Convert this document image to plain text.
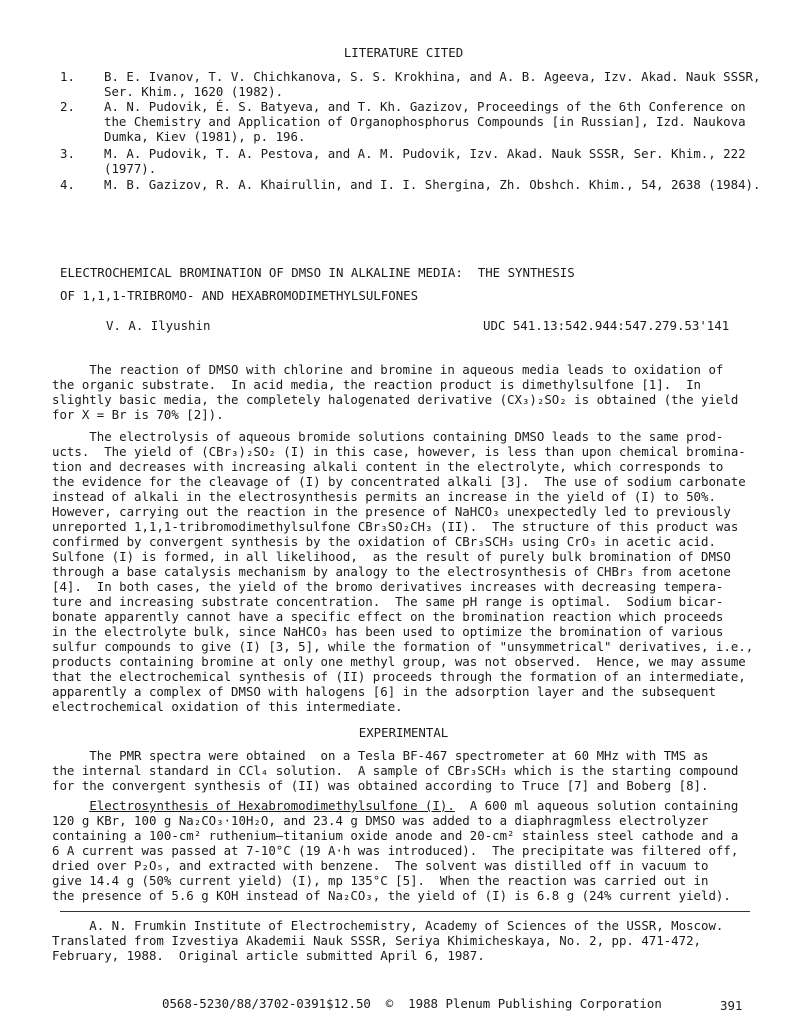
LITERATURE CITED
1. B. E. Ivanov, T. V. Chichkanova, S. S. Krokhina, and A. B. Ageeva, Izv. Akad. Nauk SSSR,
Ser. Khim., 1620 (1982).
2. A. N. Pudovik, É. S. Batyeva, and T. Kh. Gazizov, Proceedings of the 6th Conference on
the Chemistry and Application of Organophosphorus Compounds [in Russian], Izd. Naukova
Dumka, Kiev (1981), p. 196.
3. M. A. Pudovik, T. A. Pestova, and A. M. Pudovik, Izv. Akad. Nauk SSSR, Ser. Khim., 222
(1977).
4. M. B. Gazizov, R. A. Khairullin, and I. I. Shergina, Zh. Obshch. Khim., 54, 2638 (1984).
ELECTROCHEMICAL BROMINATION OF DMSO IN ALKALINE MEDIA:  THE SYNTHESIS
OF 1,1,1-TRIBROMO- AND HEXABROMODIMETHYLSULFONES
V. A. Ilyushin	UDC 541.13:542.944:547.279.53'141
The reaction of DMSO with chlorine and bromine in aqueous media leads to oxidation of
the organic substrate.  In acid media, the reaction product is dimethylsulfone [1].  In
slightly basic media, the completely halogenated derivative (CX₃)₂SO₂ is obtained (the yield
for X = Br is 70% [2]).
The electrolysis of aqueous bromide solutions containing DMSO leads to the same prod-
ucts.  The yield of (CBr₃)₂SO₂ (I) in this case, however, is less than upon chemical bromina-
tion and decreases with increasing alkali content in the electrolyte, which corresponds to
the evidence for the cleavage of (I) by concentrated alkali [3].  The use of sodium carbonate
instead of alkali in the electrosynthesis permits an increase in the yield of (I) to 50%.
However, carrying out the reaction in the presence of NaHCO₃ unexpectedly led to previously
unreported 1,1,1-tribromodimethylsulfone CBr₃SO₂CH₃ (II).  The structure of this product was
confirmed by convergent synthesis by the oxidation of CBr₃SCH₃ using CrO₃ in acetic acid.
Sulfone (I) is formed, in all likelihood,  as the result of purely bulk bromination of DMSO
through a base catalysis mechanism by analogy to the electrosynthesis of CHBr₃ from acetone
[4].  In both cases, the yield of the bromo derivatives increases with decreasing tempera-
ture and increasing substrate concentration.  The same pH range is optimal.  Sodium bicar-
bonate apparently cannot have a specific effect on the bromination reaction which proceeds
in the electrolyte bulk, since NaHCO₃ has been used to optimize the bromination of various
sulfur compounds to give (I) [3, 5], while the formation of "unsymmetrical" derivatives, i.e.,
products containing bromine at only one methyl group, was not observed.  Hence, we may assume
that the electrochemical synthesis of (II) proceeds through the formation of an intermediate,
apparently a complex of DMSO with halogens [6] in the adsorption layer and the subsequent
electrochemical oxidation of this intermediate.
EXPERIMENTAL
The PMR spectra were obtained  on a Tesla BF-467 spectrometer at 60 MHz with TMS as
the internal standard in CCl₄ solution.  A sample of CBr₃SCH₃ which is the starting compound
for the convergent synthesis of (II) was obtained according to Truce [7] and Boberg [8].
Electrosynthesis of Hexabromodimethylsulfone (I).  A 600 ml aqueous solution containing
120 g KBr, 100 g Na₂CO₃·10H₂O, and 23.4 g DMSO was added to a diaphragmless electrolyzer
containing a 100-cm² ruthenium–titanium oxide anode and 20-cm² stainless steel cathode and a
6 A current was passed at 7-10°C (19 A·h was introduced).  The precipitate was filtered off,
dried over P₂O₅, and extracted with benzene.  The solvent was distilled off in vacuum to
give 14.4 g (50% current yield) (I), mp 135°C [5].  When the reaction was carried out in
the presence of 5.6 g KOH instead of Na₂CO₃, the yield of (I) is 6.8 g (24% current yield).
A. N. Frumkin Institute of Electrochemistry, Academy of Sciences of the USSR, Moscow.
Translated from Izvestiya Akademii Nauk SSSR, Seriya Khimicheskaya, No. 2, pp. 471-472,
February, 1988.  Original article submitted April 6, 1987.
0568-5230/88/3702-0391$12.50  ©  1988 Plenum Publishing Corporation	391
